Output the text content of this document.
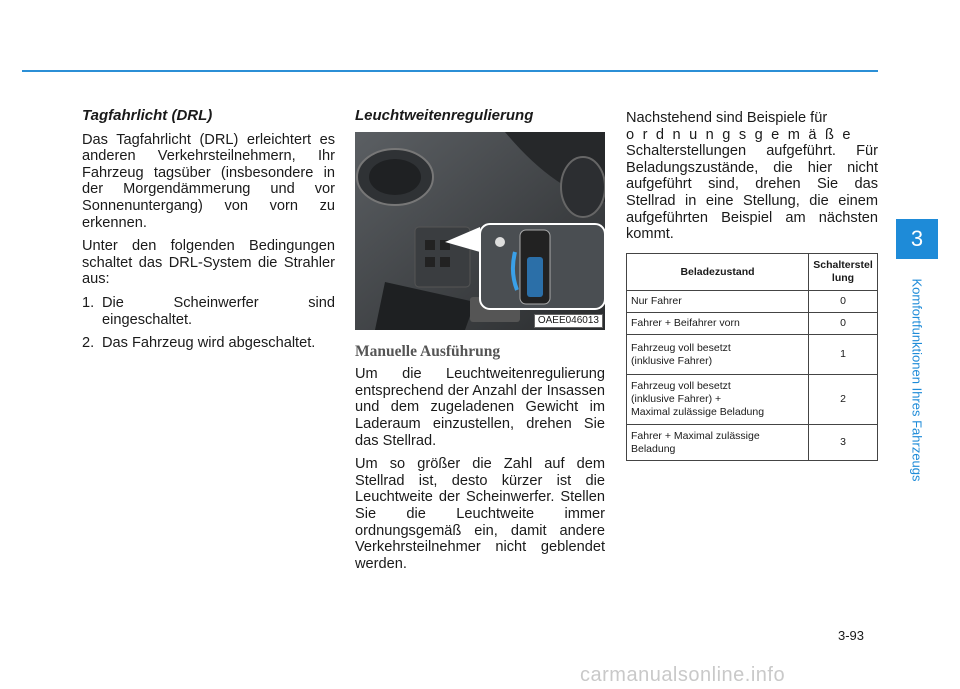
Tagfahrlicht (DRL)
Das Tagfahrlicht (DRL) erleichtert es anderen Verkehrsteilnehmern, Ihr Fahrzeug tagsüber (insbesondere in der Morgendämmerung und vor Sonnenuntergang) von vorn zu erkennen.
Unter den folgenden Bedingungen schaltet das DRL-System die Strahler aus:
1. Die Scheinwerfer sind eingeschaltet.
2. Das Fahrzeug wird abgeschaltet.
Leuchtweitenregulierung
OAEE046013
Manuelle Ausführung
Um die Leuchtweitenregulierung entsprechend der Anzahl der Insassen und dem zugeladenen Gewicht im Laderaum einzustellen, drehen Sie das Stellrad.
Um so größer die Zahl auf dem Stellrad ist, desto kürzer ist die Leuchtweite der Scheinwerfer. Stellen Sie die Leuchtweite immer ordnungsgemäß ein, damit andere Verkehrsteilnehmer nicht geblendet werden.
Nachstehend sind Beispiele für
ordnungsgemäße
Schalterstellungen aufgeführt. Für Beladungszustände, die hier nicht aufgeführt sind, drehen Sie das Stellrad in eine Stellung, die einem aufgeführten Beispiel am nächsten kommt.
Beladezustand	Schalterstellung
Nur Fahrer	0
Fahrer + Beifahrer vorn	0
Fahrzeug voll besetzt
(inklusive Fahrer)	1
Fahrzeug voll besetzt
(inklusive Fahrer) +
Maximal zulässige Beladung	2
Fahrer + Maximal zulässige
Beladung	3
3
Komfortfunktionen Ihres Fahrzeugs
3-93
carmanualsonline.info
